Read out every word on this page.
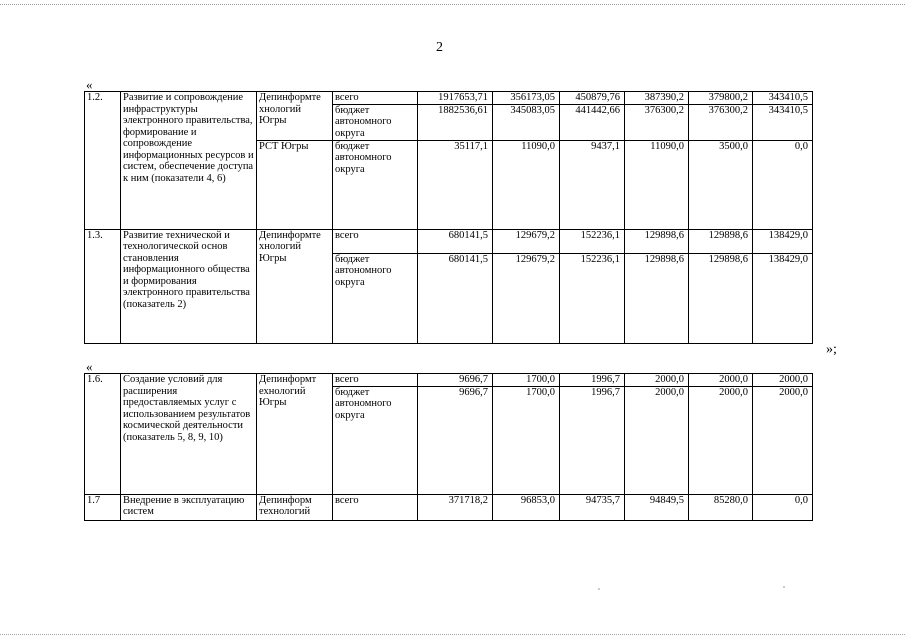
2
«
1.2.	Развитие и сопровождение инфраструктуры электронного правительства, формирование и сопровождение информационных ресурсов и систем, обеспечение доступа к ним (показатели 4, 6)	Депинформте хнологий Югры	всего	1917653,71	356173,05	450879,76	387390,2	379800,2	343410,5
			бюджет автономного округа	1882536,61	345083,05	441442,66	376300,2	376300,2	343410,5
		РСТ Югры	бюджет автономного округа	35117,1	11090,0	9437,1	11090,0	3500,0	0,0
1.3.	Развитие технической и технологической основ становления информационного общества и формирования электронного правительства (показатель 2)	Депинформте хнологий Югры	всего	680141,5	129679,2	152236,1	129898,6	129898,6	138429,0
			бюджет автономного округа	680141,5	129679,2	152236,1	129898,6	129898,6	138429,0
»;
«
1.6.	Создание условий для расширения предоставляемых услуг с использованием результатов космической деятельности (показатель 5, 8, 9, 10)	Депинформт ехнологий Югры	всего	9696,7	1700,0	1996,7	2000,0	2000,0	2000,0
			бюджет автономного округа	9696,7	1700,0	1996,7	2000,0	2000,0	2000,0
1.7	Внедрение в эксплуатацию систем	Депинформ технологий	всего	371718,2	96853,0	94735,7	94849,5	85280,0	0,0
